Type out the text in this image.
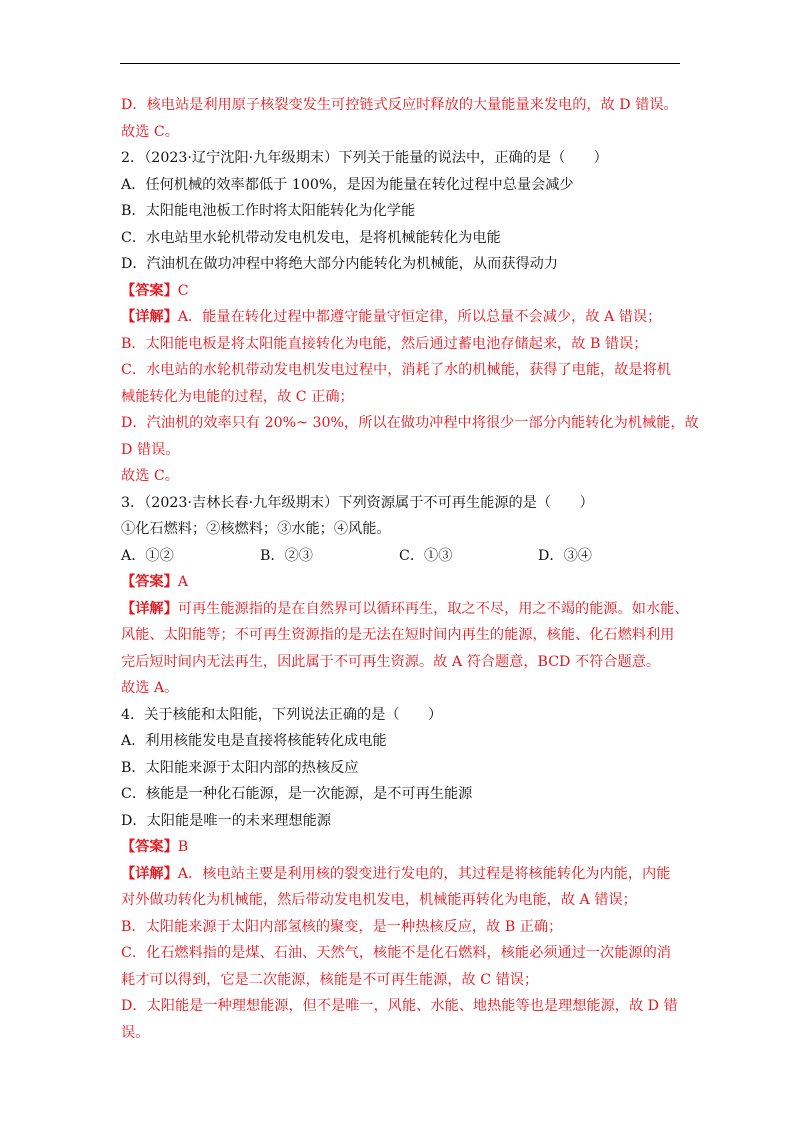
D．核电站是利用原子核裂变发生可控链式反应时释放的大量能量来发电的，故 D 错误。
故选 C。
2．（2023·辽宁沈阳·九年级期末）下列关于能量的说法中，正确的是（　　）
A．任何机械的效率都低于 100%，是因为能量在转化过程中总量会减少
B．太阳能电池板工作时将太阳能转化为化学能
C．水电站里水轮机带动发电机发电，是将机械能转化为电能
D．汽油机在做功冲程中将绝大部分内能转化为机械能，从而获得动力
【答案】C
【详解】A．能量在转化过程中都遵守能量守恒定律，所以总量不会减少，故 A 错误；
B．太阳能电板是将太阳能直接转化为电能，然后通过蓄电池存储起来，故 B 错误；
C．水电站的水轮机带动发电机发电过程中，消耗了水的机械能，获得了电能，故是将机
械能转化为电能的过程，故 C 正确；
D．汽油机的效率只有 20%~ 30%，所以在做功冲程中将很少一部分内能转化为机械能，故
D 错误。
故选 C。
3．（2023·吉林长春·九年级期末）下列资源属于不可再生能源的是（　　）
①化石燃料；②核燃料；③水能；④风能。
A．①②	B．②③	C．①③	D．③④
【答案】A
【详解】可再生能源指的是在自然界可以循环再生，取之不尽，用之不竭的能源。如水能、
风能、太阳能等；不可再生资源指的是无法在短时间内再生的能源，核能、化石燃料利用
完后短时间内无法再生，因此属于不可再生资源。故 A 符合题意，BCD 不符合题意。
故选 A。
4．关于核能和太阳能，下列说法正确的是（　　）
A．利用核能发电是直接将核能转化成电能
B．太阳能来源于太阳内部的热核反应
C．核能是一种化石能源，是一次能源，是不可再生能源
D．太阳能是唯一的未来理想能源
【答案】B
【详解】A．核电站主要是利用核的裂变进行发电的，其过程是将核能转化为内能，内能
对外做功转化为机械能，然后带动发电机发电，机械能再转化为电能，故 A 错误；
B．太阳能来源于太阳内部氢核的聚变，是一种热核反应，故 B 正确；
C．化石燃料指的是煤、石油、天然气，核能不是化石燃料，核能必须通过一次能源的消
耗才可以得到，它是二次能源，核能是不可再生能源，故 C 错误；
D．太阳能是一种理想能源，但不是唯一，风能、水能、地热能等也是理想能源，故 D 错
误。
